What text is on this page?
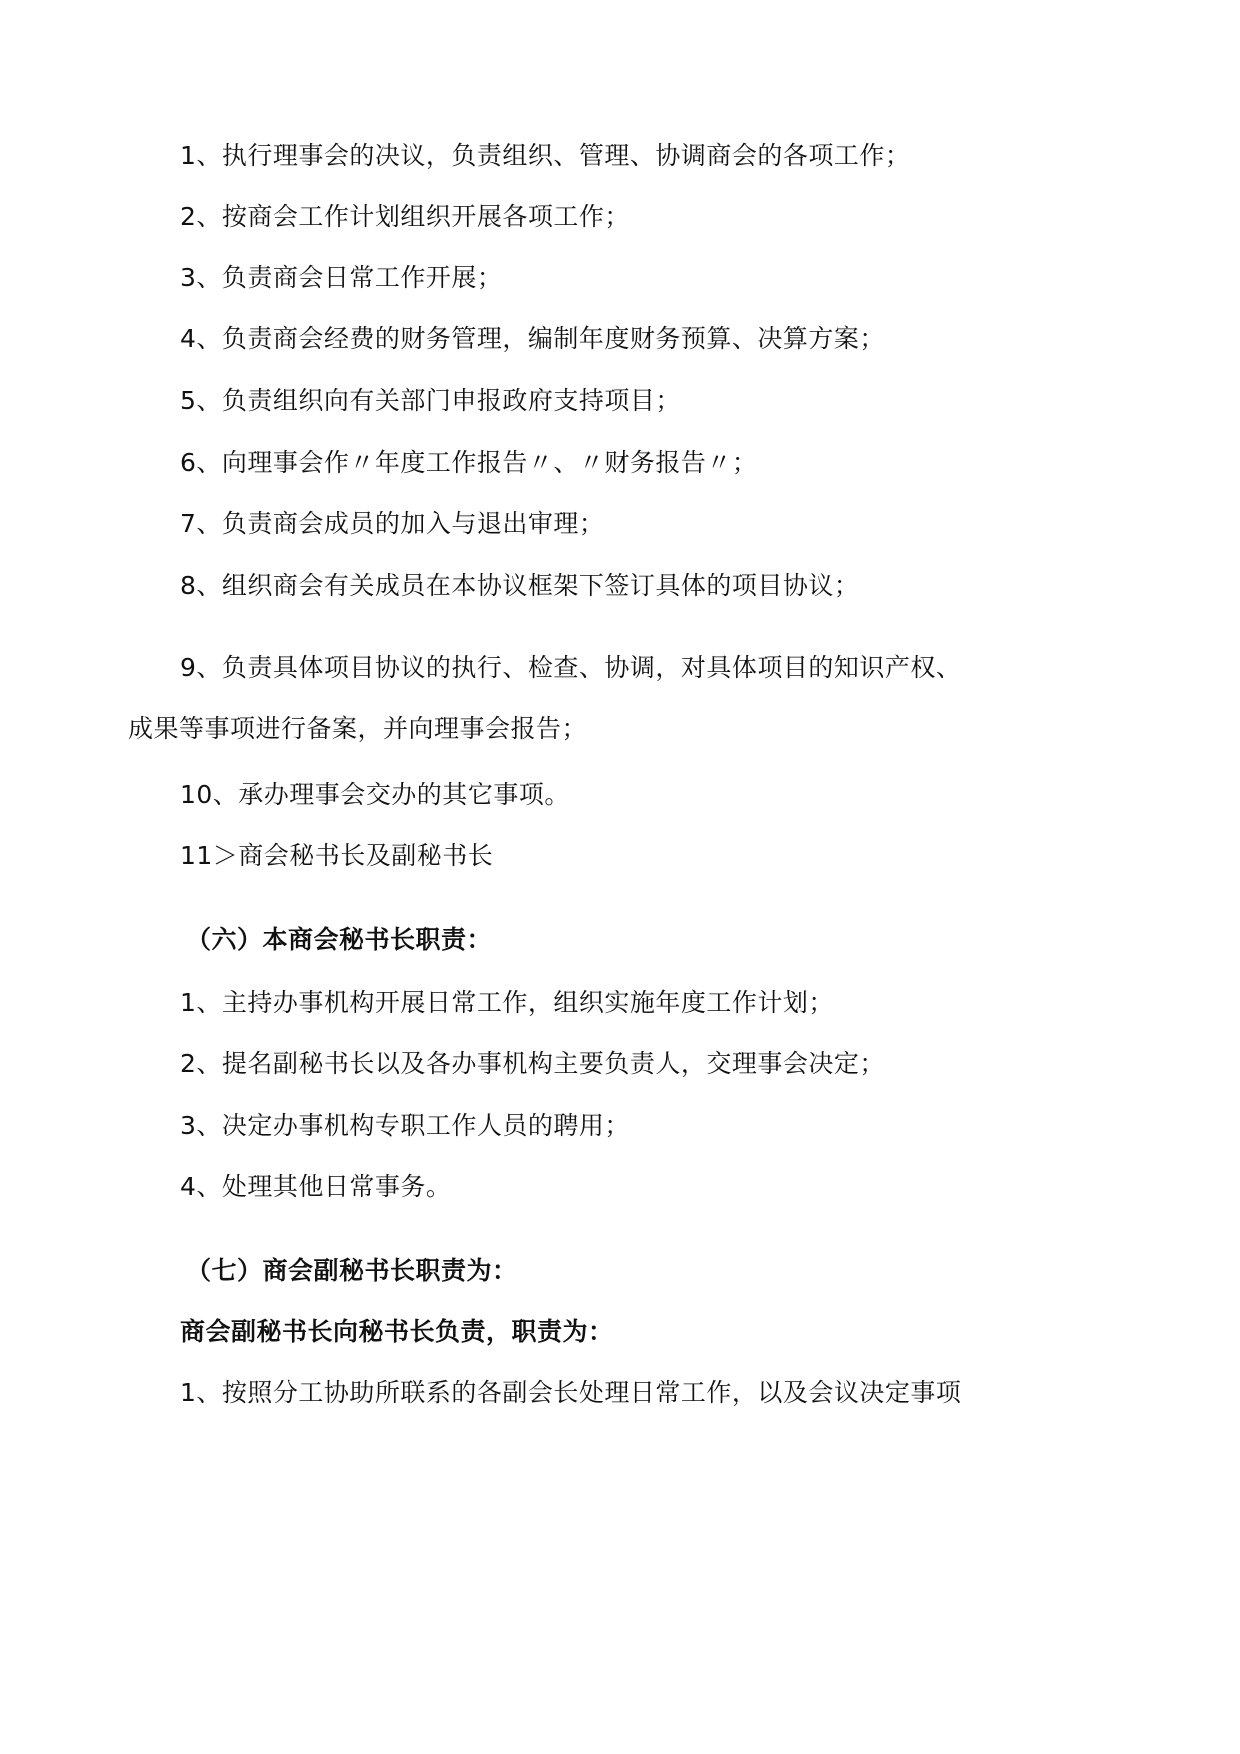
1、执行理事会的决议，负责组织、管理、协调商会的各项工作；
2、按商会工作计划组织开展各项工作；
3、负责商会日常工作开展；
4、负责商会经费的财务管理，编制年度财务预算、决算方案；
5、负责组织向有关部门申报政府支持项目；
6、向理事会作〃年度工作报告〃、〃财务报告〃；
7、负责商会成员的加入与退出审理；
8、组织商会有关成员在本协议框架下签订具体的项目协议；
9、负责具体项目协议的执行、检查、协调，对具体项目的知识产权、
成果等事项进行备案，并向理事会报告；
10、承办理事会交办的其它事项。
11＞商会秘书长及副秘书长
（六）本商会秘书长职责：
1、主持办事机构开展日常工作，组织实施年度工作计划；
2、提名副秘书长以及各办事机构主要负责人，交理事会决定；
3、决定办事机构专职工作人员的聘用；
4、处理其他日常事务。
（七）商会副秘书长职责为：
商会副秘书长向秘书长负责，职责为：
1、按照分工协助所联系的各副会长处理日常工作，以及会议决定事项
